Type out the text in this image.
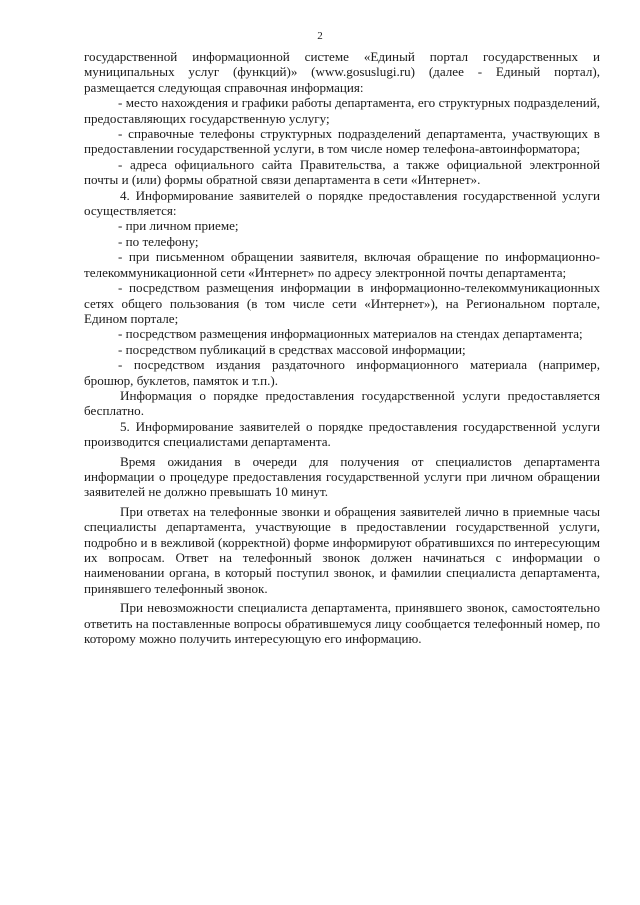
2

государственной информационной системе «Единый портал государственных и муниципальных услуг (функций)» (www.gosuslugi.ru) (далее - Единый портал), размещается следующая справочная информация:

- место нахождения и графики работы департамента, его структурных подразделений, предоставляющих государственную услугу;

- справочные телефоны структурных подразделений департамента, участвующих в предоставлении государственной услуги, в том числе номер телефона-автоинформатора;

- адреса официального сайта Правительства, а также официальной электронной почты и (или) формы обратной связи департамента в сети «Интернет».

4. Информирование заявителей о порядке предоставления государственной услуги осуществляется:

- при личном приеме;

- по телефону;

- при письменном обращении заявителя, включая обращение по информационно-телекоммуникационной сети «Интернет» по адресу электронной почты департамента;

- посредством размещения информации в информационно-телекоммуникационных сетях общего пользования (в том числе сети «Интернет»), на Региональном портале, Едином портале;

- посредством размещения информационных материалов на стендах департамента;

- посредством публикаций в средствах массовой информации;

- посредством издания раздаточного информационного материала (например, брошюр, буклетов, памяток и т.п.).

Информация о порядке предоставления государственной услуги предоставляется бесплатно.

5. Информирование заявителей о порядке предоставления государственной услуги производится специалистами департамента.

Время ожидания в очереди для получения от специалистов департамента информации о процедуре предоставления государственной услуги при личном обращении заявителей не должно превышать 10 минут.

При ответах на телефонные звонки и обращения заявителей лично в приемные часы специалисты департамента, участвующие в предоставлении государственной услуги, подробно и в вежливой (корректной) форме информируют обратившихся по интересующим их вопросам. Ответ на телефонный звонок должен начинаться с информации о наименовании органа, в который поступил звонок, и фамилии специалиста департамента, принявшего телефонный звонок.

При невозможности специалиста департамента, принявшего звонок, самостоятельно ответить на поставленные вопросы обратившемуся лицу сообщается телефонный номер, по которому можно получить интересующую его информацию.
